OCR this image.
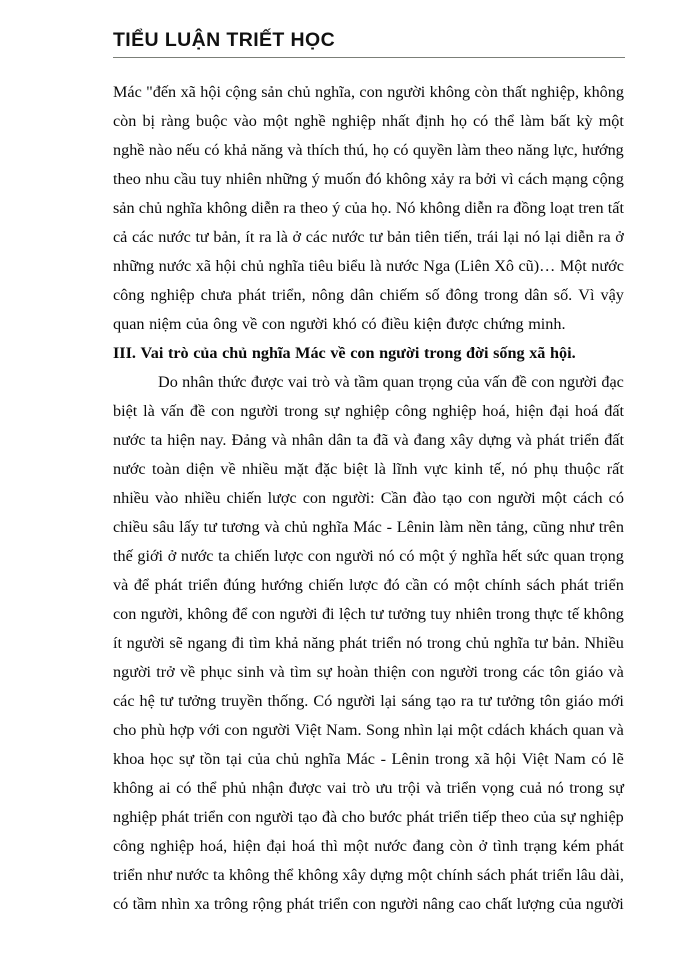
TIỂU LUẬN TRIẾT HỌC
Mác "đến xã hội cộng sản chủ nghĩa, con người không còn thất nghiệp, không
còn bị ràng buộc vào một nghề nghiệp nhất định họ có thể làm bất kỳ một
nghề nào nếu có khả năng và thích thú, họ có quyền làm theo năng lực, hướng
theo nhu cầu tuy nhiên những ý muốn đó không xảy ra bởi vì cách mạng cộng
sản chủ nghĩa không diễn ra theo ý của họ. Nó không diễn ra đồng loạt tren tất
cả các nước tư bản, ít ra là ở các nước tư bản tiên tiến, trái lại nó lại diễn ra ở
những nước xã hội chủ nghĩa tiêu biểu là nước Nga (Liên Xô cũ)… Một nước
công nghiệp chưa phát triển, nông dân chiếm số đông trong dân số. Vì vậy
quan niệm của ông về con người khó có điều kiện được chứng minh.
III. Vai trò của chủ nghĩa Mác về con người trong đời sống xã hội.
Do nhân thức được vai trò và tầm quan trọng của vấn đề con người đạc
biệt là vấn đề con người trong sự nghiệp công nghiệp hoá, hiện đại hoá đất
nước ta hiện nay. Đảng và nhân dân ta đã và đang xây dựng và phát triển đất
nước toàn diện về nhiều mặt đặc biệt là lĩnh vực kinh tế, nó phụ thuộc rất
nhiều vào nhiều chiến lược con người: Cần đào tạo con người một cách có
chiều sâu lấy tư tương và chủ nghĩa Mác - Lênin làm nền tảng, cũng như trên
thế giới ở nước ta chiến lược con người nó có một ý nghĩa hết sức quan trọng
và để phát triển đúng hướng chiến lược đó cần có một chính sách phát triển
con người, không để con người đi lệch tư tưởng tuy nhiên trong thực tế không
ít người sẽ ngang đi tìm khả năng phát triển nó trong chủ nghĩa tư bản. Nhiều
người trở về phục sinh và tìm sự hoàn thiện con người trong các tôn giáo và
các hệ tư tưởng truyền thống. Có người lại sáng tạo ra tư tưởng tôn giáo mới
cho phù hợp với con người Việt Nam. Song nhìn lại một cdách khách quan và
khoa học sự tồn tại của chủ nghĩa Mác - Lênin trong xã hội Việt Nam có lẽ
không ai có thể phủ nhận được vai trò ưu trội và triển vọng cuả nó trong sự
nghiệp phát triển con người tạo đà cho bước phát triển tiếp theo của sự nghiệp
công nghiệp hoá, hiện đại hoá thì một nước đang còn ở tình trạng kém phát
triển như nước ta không thể không xây dựng một chính sách phát triển lâu dài,
có tầm nhìn xa trông rộng phát triển con người nâng cao chất lượng của người
